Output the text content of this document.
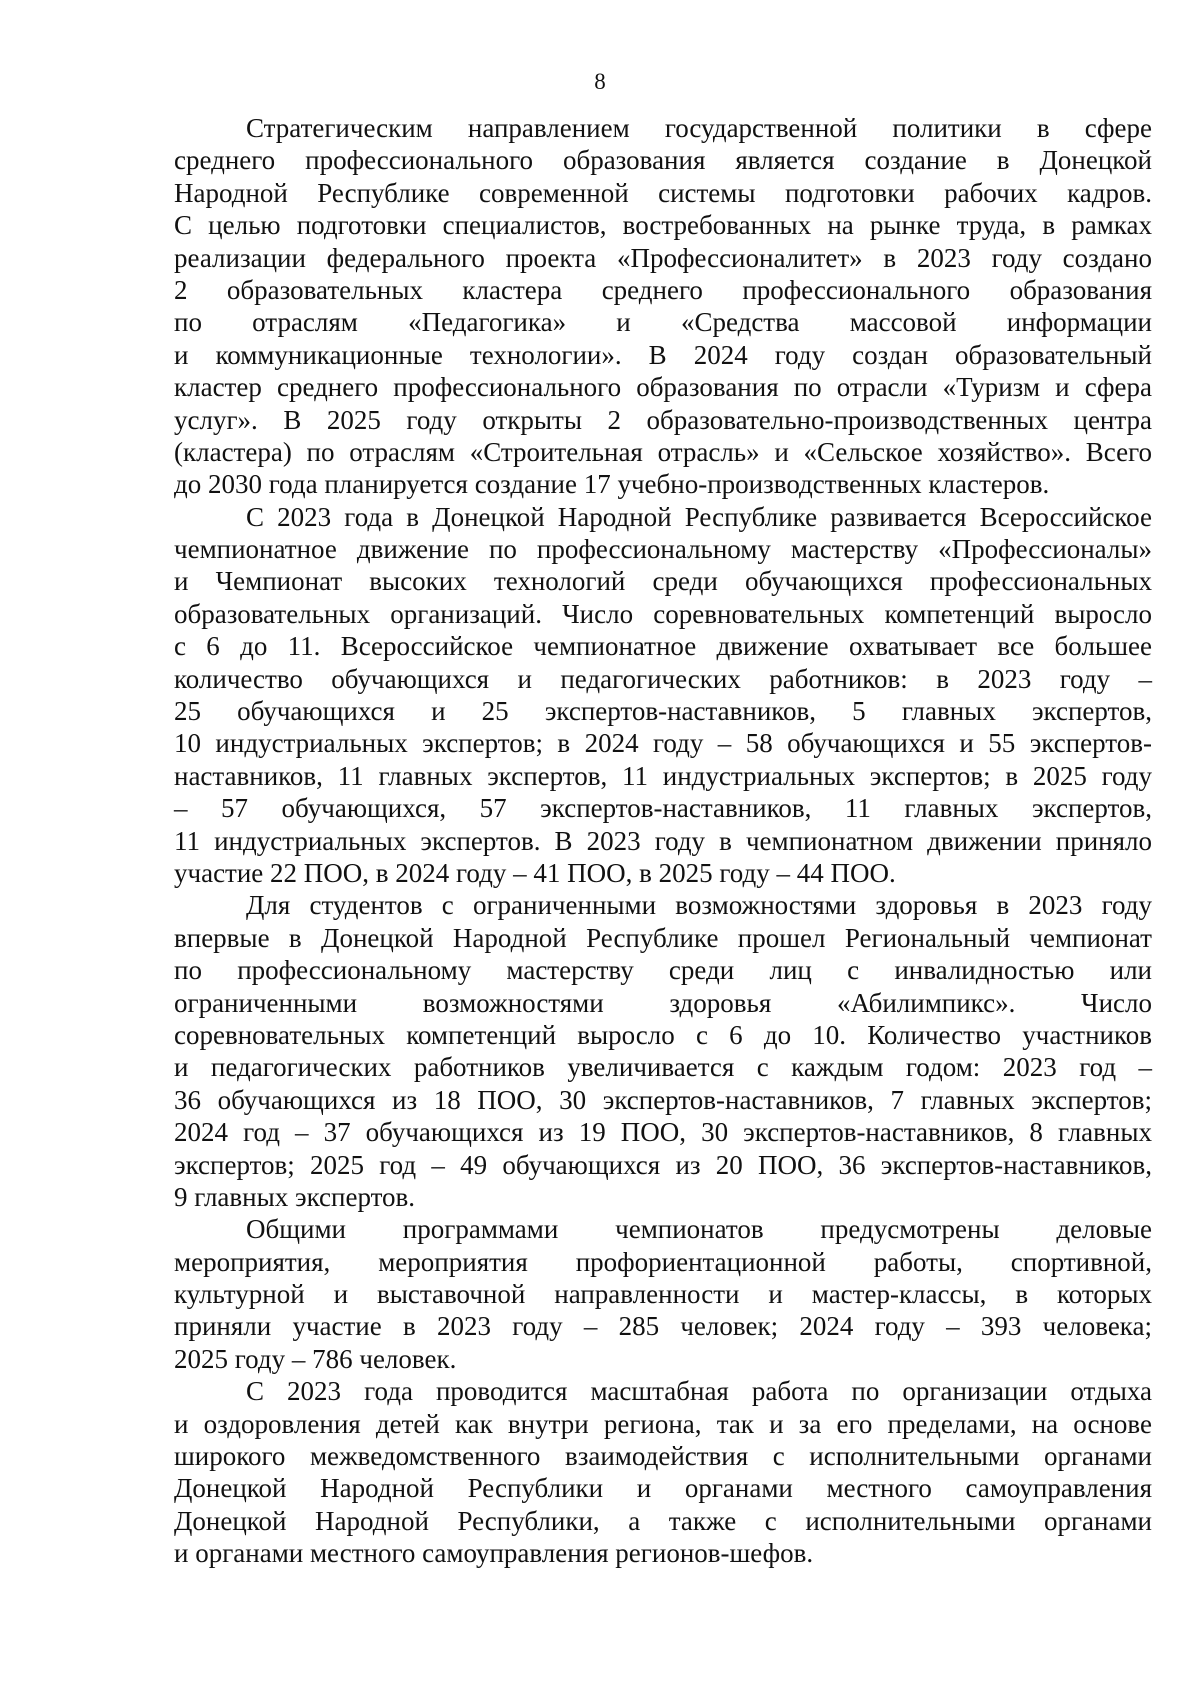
8

Стратегическим направлением государственной политики в сфере
среднего профессионального образования является создание в Донецкой
Народной Республике современной системы подготовки рабочих кадров.
С целью подготовки специалистов, востребованных на рынке труда, в рамках
реализации федерального проекта «Профессионалитет» в 2023 году создано
2 образовательных кластера среднего профессионального образования
по отраслям «Педагогика» и «Средства массовой информации
и коммуникационные технологии». В 2024 году создан образовательный
кластер среднего профессионального образования по отрасли «Туризм и сфера
услуг». В 2025 году открыты 2 образовательно-производственных центра
(кластера) по отраслям «Строительная отрасль» и «Сельское хозяйство». Всего
до 2030 года планируется создание 17 учебно-производственных кластеров.

С 2023 года в Донецкой Народной Республике развивается Всероссийское
чемпионатное движение по профессиональному мастерству «Профессионалы»
и Чемпионат высоких технологий среди обучающихся профессиональных
образовательных организаций. Число соревновательных компетенций выросло
с 6 до 11. Всероссийское чемпионатное движение охватывает все большее
количество обучающихся и педагогических работников: в 2023 году –
25 обучающихся и 25 экспертов-наставников, 5 главных экспертов,
10 индустриальных экспертов; в 2024 году – 58 обучающихся и 55 экспертов-
наставников, 11 главных экспертов, 11 индустриальных экспертов; в 2025 году
– 57 обучающихся, 57 экспертов-наставников, 11 главных экспертов,
11 индустриальных экспертов. В 2023 году в чемпионатном движении приняло
участие 22 ПОО, в 2024 году – 41 ПОО, в 2025 году – 44 ПОО.

Для студентов с ограниченными возможностями здоровья в 2023 году
впервые в Донецкой Народной Республике прошел Региональный чемпионат
по профессиональному мастерству среди лиц с инвалидностью или
ограниченными возможностями здоровья «Абилимпикс». Число
соревновательных компетенций выросло с 6 до 10. Количество участников
и педагогических работников увеличивается с каждым годом: 2023 год –
36 обучающихся из 18 ПОО, 30 экспертов-наставников, 7 главных экспертов;
2024 год – 37 обучающихся из 19 ПОО, 30 экспертов-наставников, 8 главных
экспертов; 2025 год – 49 обучающихся из 20 ПОО, 36 экспертов-наставников,
9 главных экспертов.

Общими программами чемпионатов предусмотрены деловые
мероприятия, мероприятия профориентационной работы, спортивной,
культурной и выставочной направленности и мастер-классы, в которых
приняли участие в 2023 году – 285 человек; 2024 году – 393 человека;
2025 году – 786 человек.

С 2023 года проводится масштабная работа по организации отдыха
и оздоровления детей как внутри региона, так и за его пределами, на основе
широкого межведомственного взаимодействия с исполнительными органами
Донецкой Народной Республики и органами местного самоуправления
Донецкой Народной Республики, а также с исполнительными органами
и органами местного самоуправления регионов-шефов.
